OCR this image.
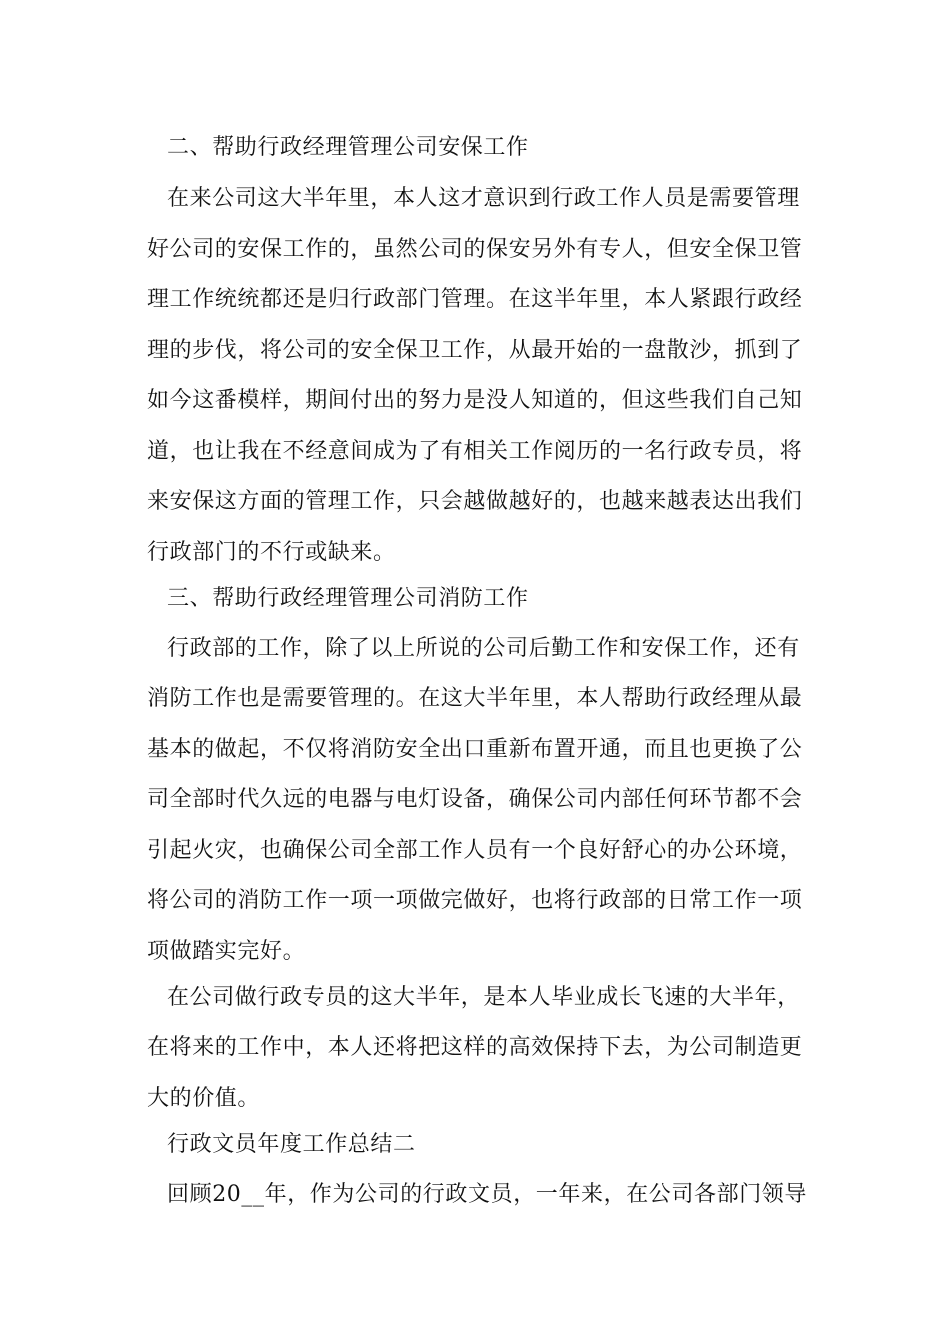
二、帮助行政经理管理公司安保工作
在来公司这大半年里，本人这才意识到行政工作人员是需要管理
好公司的安保工作的，虽然公司的保安另外有专人，但安全保卫管
理工作统统都还是归行政部门管理。在这半年里，本人紧跟行政经
理的步伐，将公司的安全保卫工作，从最开始的一盘散沙，抓到了
如今这番模样，期间付出的努力是没人知道的，但这些我们自己知
道，也让我在不经意间成为了有相关工作阅历的一名行政专员，将
来安保这方面的管理工作，只会越做越好的，也越来越表达出我们
行政部门的不行或缺来。
三、帮助行政经理管理公司消防工作
行政部的工作，除了以上所说的公司后勤工作和安保工作，还有
消防工作也是需要管理的。在这大半年里，本人帮助行政经理从最
基本的做起，不仅将消防安全出口重新布置开通，而且也更换了公
司全部时代久远的电器与电灯设备，确保公司内部任何环节都不会
引起火灾，也确保公司全部工作人员有一个良好舒心的办公环境，
将公司的消防工作一项一项做完做好，也将行政部的日常工作一项
项做踏实完好。
在公司做行政专员的这大半年，是本人毕业成长飞速的大半年，
在将来的工作中，本人还将把这样的高效保持下去，为公司制造更
大的价值。
行政文员年度工作总结二
回顾20__年，作为公司的行政文员，一年来，在公司各部门领导
